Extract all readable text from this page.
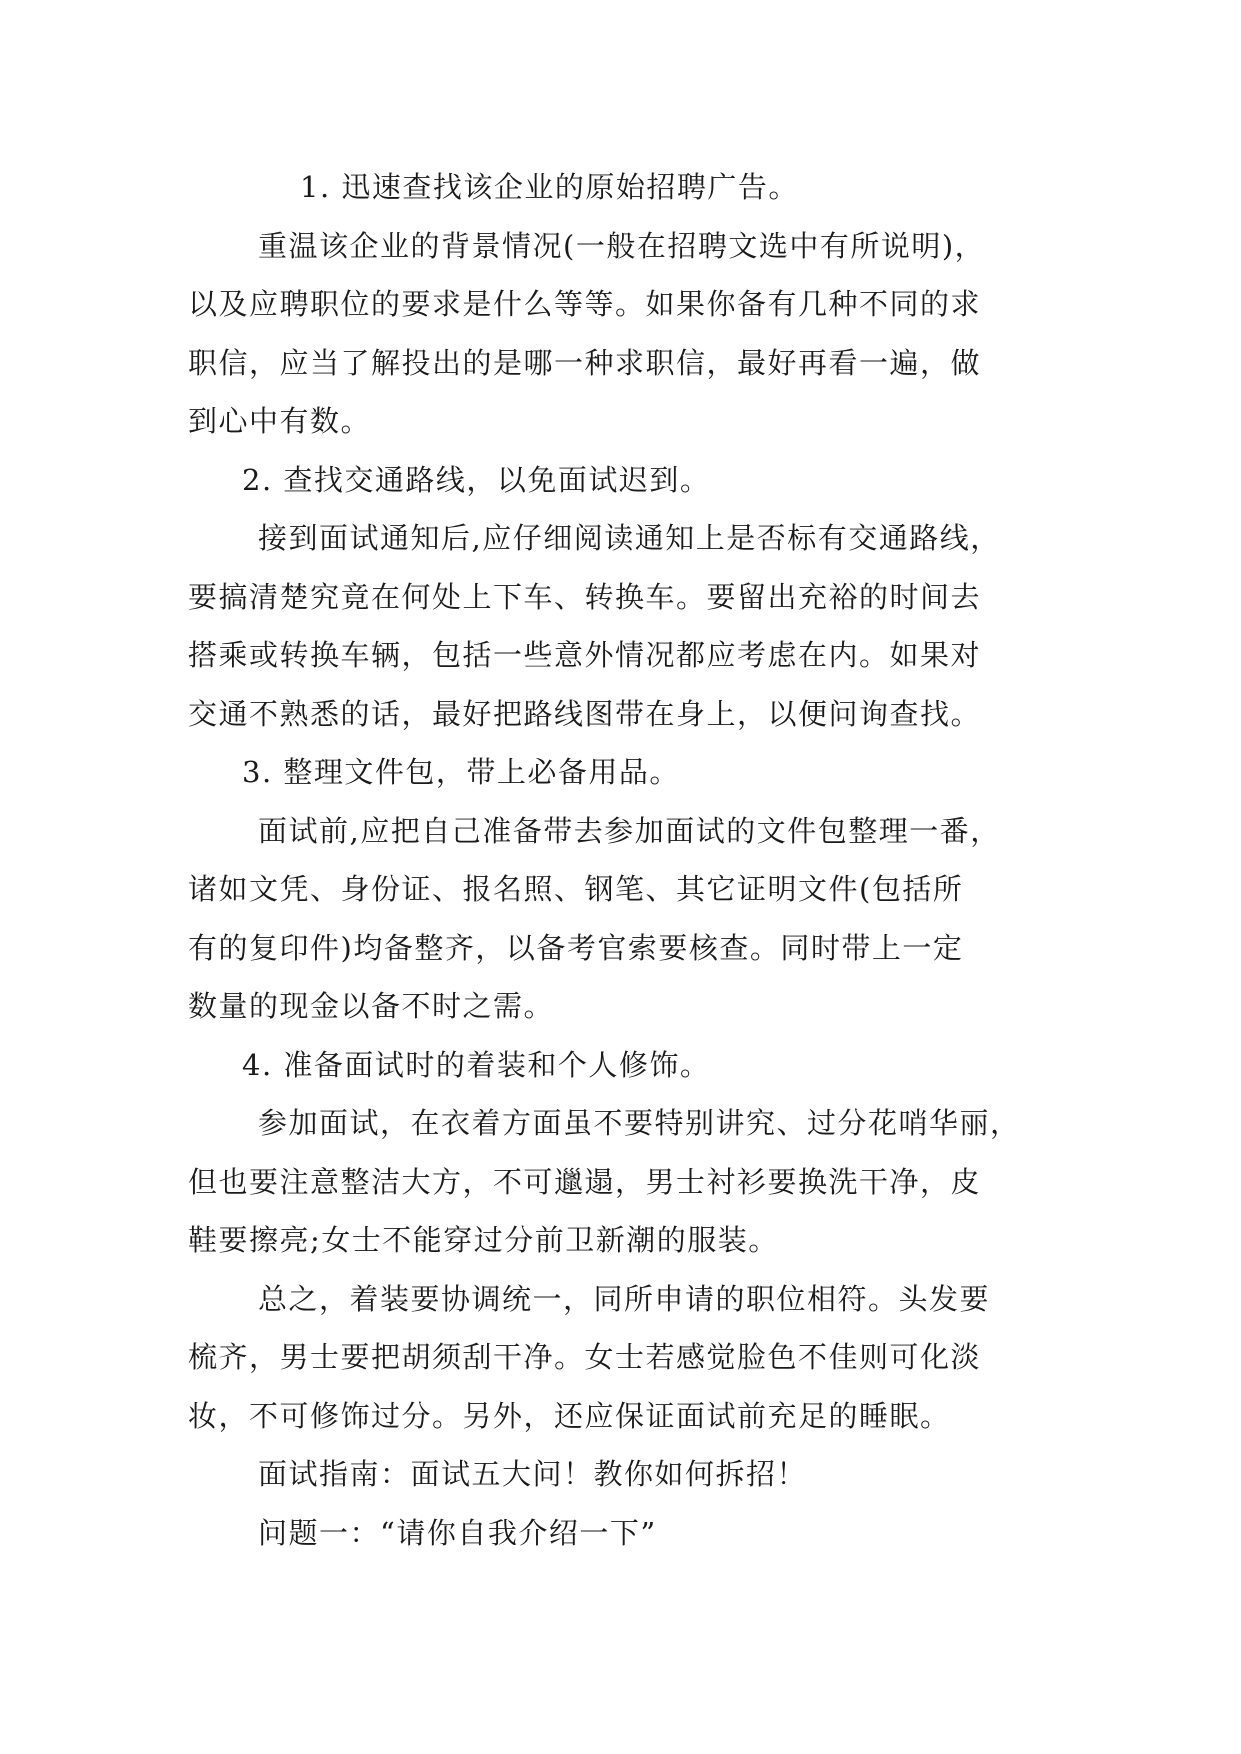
1. 迅速查找该企业的原始招聘广告。

重温该企业的背景情况(一般在招聘文选中有所说明)，
以及应聘职位的要求是什么等等。如果你备有几种不同的求
职信，应当了解投出的是哪一种求职信，最好再看一遍，做
到心中有数。

2. 查找交通路线，以免面试迟到。

接到面试通知后,应仔细阅读通知上是否标有交通路线，
要搞清楚究竟在何处上下车、转换车。要留出充裕的时间去
搭乘或转换车辆，包括一些意外情况都应考虑在内。如果对
交通不熟悉的话，最好把路线图带在身上，以便问询查找。

3. 整理文件包，带上必备用品。

面试前,应把自己准备带去参加面试的文件包整理一番，
诸如文凭、身份证、报名照、钢笔、其它证明文件(包括所
有的复印件)均备整齐，以备考官索要核查。同时带上一定
数量的现金以备不时之需。

4. 准备面试时的着装和个人修饰。

参加面试，在衣着方面虽不要特别讲究、过分花哨华丽，
但也要注意整洁大方，不可邋遢，男士衬衫要换洗干净，皮
鞋要擦亮;女士不能穿过分前卫新潮的服装。

总之，着装要协调统一，同所申请的职位相符。头发要
梳齐，男士要把胡须刮干净。女士若感觉脸色不佳则可化淡
妆，不可修饰过分。另外，还应保证面试前充足的睡眠。

面试指南：面试五大问！教你如何拆招！

问题一：“请你自我介绍一下”
